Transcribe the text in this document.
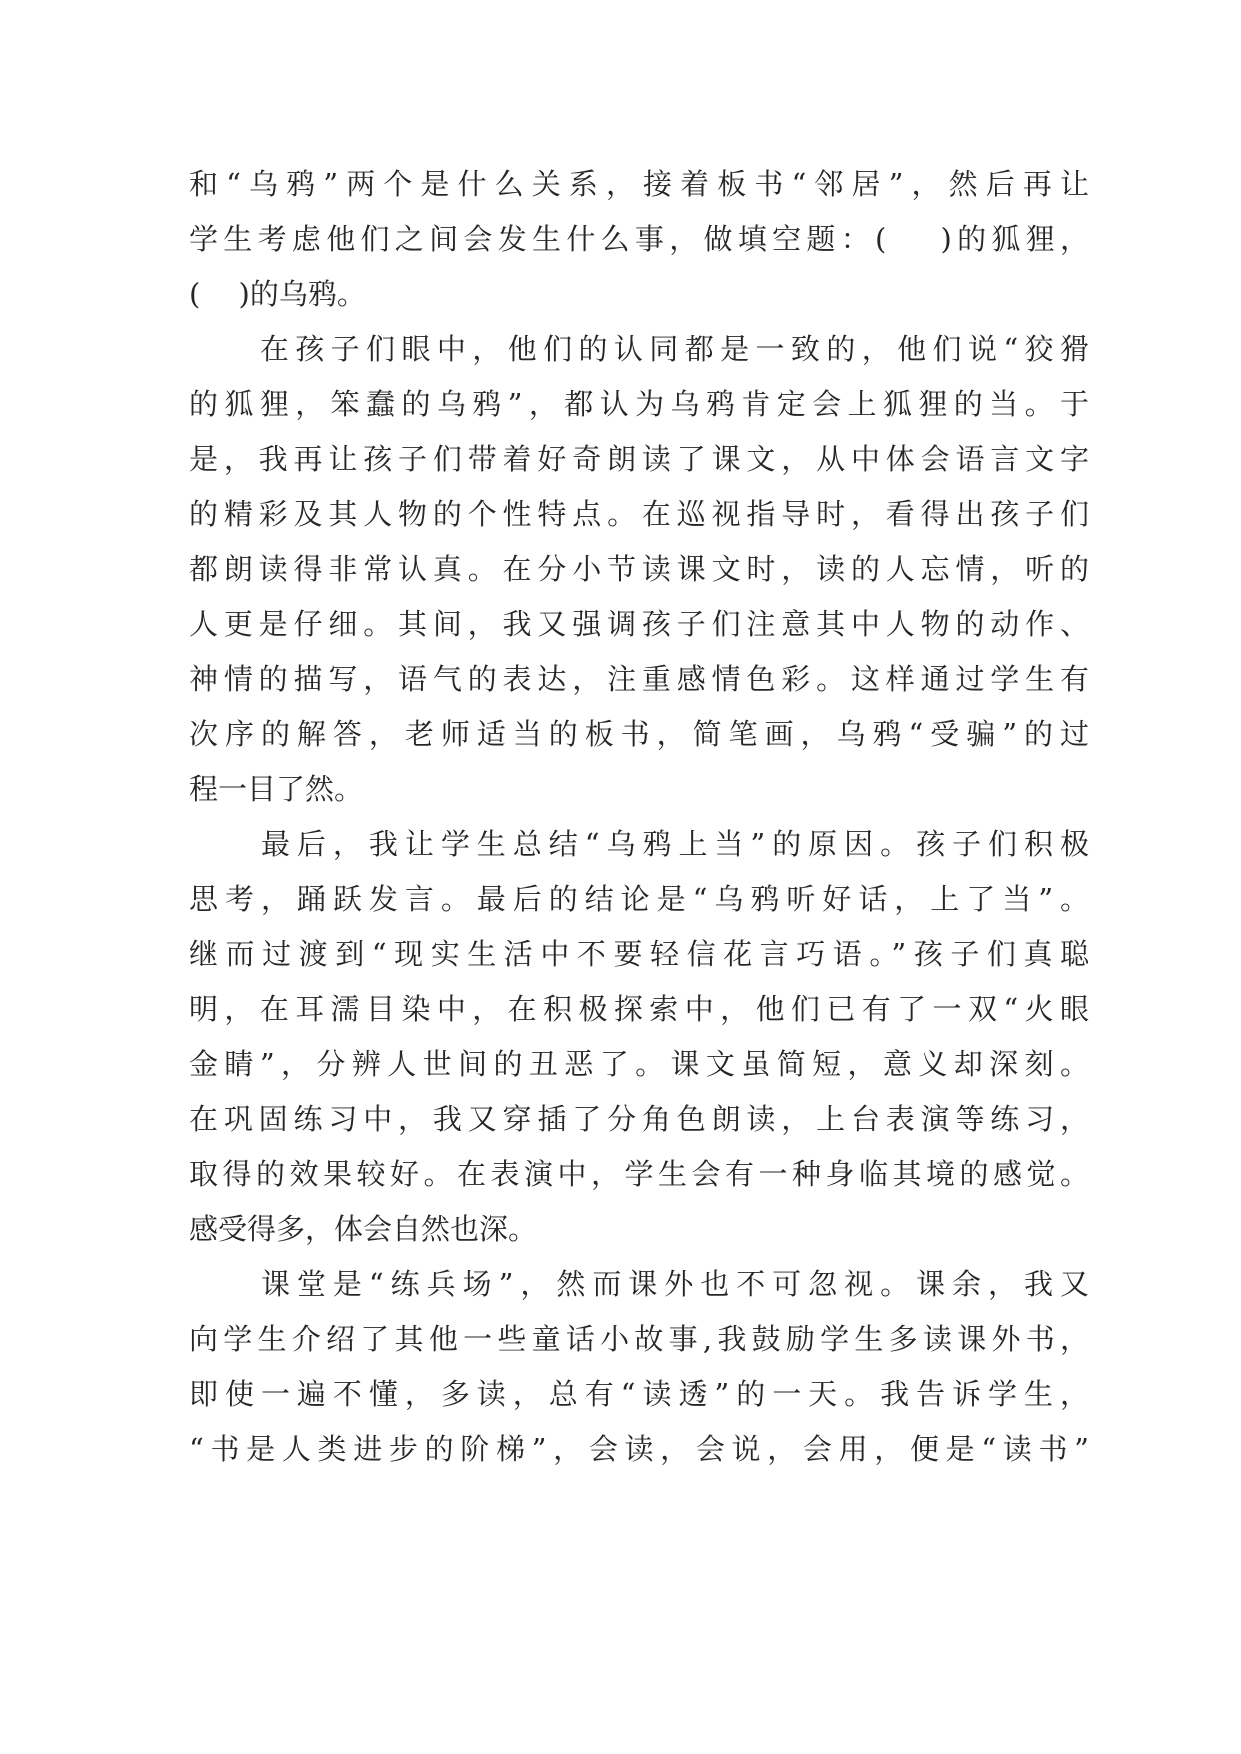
和“乌鸦”两个是什么关系，接着板书“邻居”，然后再让
学生考虑他们之间会发生什么事，做填空题：(　 )的狐狸，
(　 )的乌鸦。
　　在孩子们眼中，他们的认同都是一致的，他们说“狡猾
的狐狸，笨蠢的乌鸦”，都认为乌鸦肯定会上狐狸的当。于
是，我再让孩子们带着好奇朗读了课文，从中体会语言文字
的精彩及其人物的个性特点。在巡视指导时，看得出孩子们
都朗读得非常认真。在分小节读课文时，读的人忘情，听的
人更是仔细。其间，我又强调孩子们注意其中人物的动作、
神情的描写，语气的表达，注重感情色彩。这样通过学生有
次序的解答，老师适当的板书，简笔画，乌鸦“受骗”的过
程一目了然。
　　最后，我让学生总结“乌鸦上当”的原因。孩子们积极
思考，踊跃发言。最后的结论是“乌鸦听好话，上了当”。
继而过渡到“现实生活中不要轻信花言巧语。”孩子们真聪
明，在耳濡目染中，在积极探索中，他们已有了一双“火眼
金睛”，分辨人世间的丑恶了。课文虽简短，意义却深刻。
在巩固练习中，我又穿插了分角色朗读，上台表演等练习，
取得的效果较好。在表演中，学生会有一种身临其境的感觉。
感受得多，体会自然也深。
　　课堂是“练兵场”，然而课外也不可忽视。课余，我又
向学生介绍了其他一些童话小故事,我鼓励学生多读课外书，
即使一遍不懂，多读，总有“读透”的一天。我告诉学生，
“书是人类进步的阶梯”，会读，会说，会用，便是“读书”
